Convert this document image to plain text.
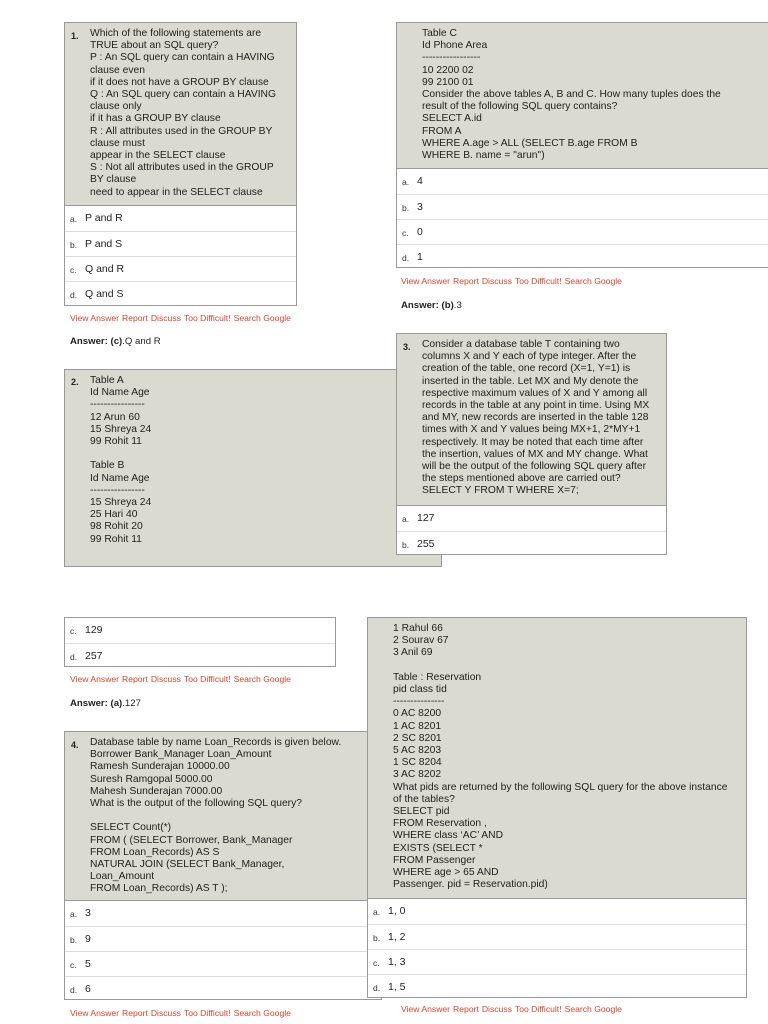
1. Which of the following statements are
TRUE about an SQL query?
P : An SQL query can contain a HAVING
clause even
if it does not have a GROUP BY clause
Q : An SQL query can contain a HAVING
clause only
if it has a GROUP BY clause
R : All attributes used in the GROUP BY
clause must
appear in the SELECT clause
S : Not all attributes used in the GROUP
BY clause
need to appear in the SELECT clause
a. P and R
b. P and S
c. Q and R
d. Q and S
View Answer Report Discuss Too Difficult! Search Google
Answer: (c).Q and R
2. Table A
Id Name Age
----------------
12 Arun 60
15 Shreya 24
99 Rohit 11

Table B
Id Name Age
----------------
15 Shreya 24
25 Hari 40
98 Rohit 20
99 Rohit 11
Table C
Id Phone Area
-----------------
10 2200 02
99 2100 01
Consider the above tables A, B and C. How many tuples does the
result of the following SQL query contains?
SELECT A.id
FROM A
WHERE A.age > ALL (SELECT B.age FROM B
WHERE B. name = "arun")
a. 4
b. 3
c. 0
d. 1
View Answer Report Discuss Too Difficult! Search Google
Answer: (b).3
3. Consider a database table T containing two
columns X and Y each of type integer. After the
creation of the table, one record (X=1, Y=1) is
inserted in the table. Let MX and My denote the
respective maximum values of X and Y among all
records in the table at any point in time. Using MX
and MY, new records are inserted in the table 128
times with X and Y values being MX+1, 2*MY+1
respectively. It may be noted that each time after
the insertion, values of MX and MY change. What
will be the output of the following SQL query after
the steps mentioned above are carried out?
SELECT Y FROM T WHERE X=7;
a. 127
b. 255
c. 129
d. 257
View Answer Report Discuss Too Difficult! Search Google
Answer: (a).127
4. Database table by name Loan_Records is given below.
Borrower Bank_Manager Loan_Amount
Ramesh Sunderajan 10000.00
Suresh Ramgopal 5000.00
Mahesh Sunderajan 7000.00
What is the output of the following SQL query?

SELECT Count(*)
FROM ( (SELECT Borrower, Bank_Manager
FROM Loan_Records) AS S
NATURAL JOIN (SELECT Bank_Manager,
Loan_Amount
FROM Loan_Records) AS T );
a. 3
b. 9
c. 5
d. 6
View Answer Report Discuss Too Difficult! Search Google
1 Rahul 66
2 Sourav 67
3 Anil 69

Table : Reservation
pid class tid
---------------
0 AC 8200
1 AC 8201
2 SC 8201
5 AC 8203
1 SC 8204
3 AC 8202
What pids are returned by the following SQL query for the above instance
of the tables?
SELECT pid
FROM Reservation ,
WHERE class ‘AC’ AND
EXISTS (SELECT *
FROM Passenger
WHERE age > 65 AND
Passenger. pid = Reservation.pid)
a. 1, 0
b. 1, 2
c. 1, 3
d. 1, 5
View Answer Report Discuss Too Difficult! Search Google
